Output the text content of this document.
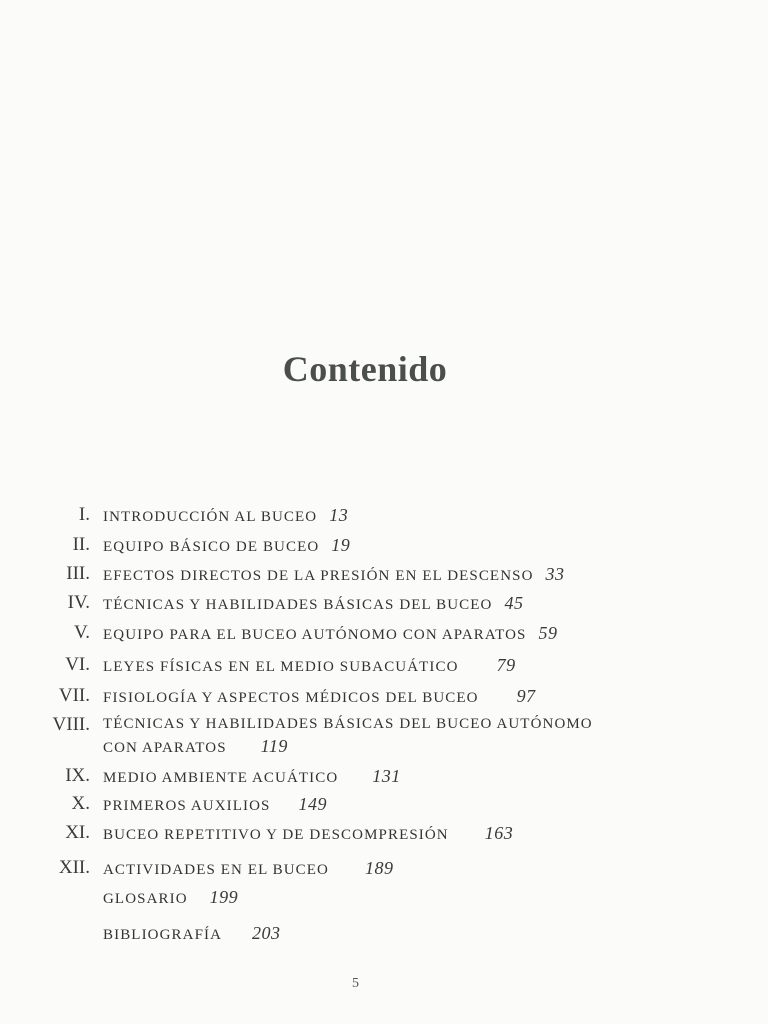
Contenido
I. INTRODUCCIÓN AL BUCEO 13
II. EQUIPO BÁSICO DE BUCEO 19
III. EFECTOS DIRECTOS DE LA PRESIÓN EN EL DESCENSO 33
IV. TÉCNICAS Y HABILIDADES BÁSICAS DEL BUCEO 45
V. EQUIPO PARA EL BUCEO AUTÓNOMO CON APARATOS 59
VI. LEYES FÍSICAS EN EL MEDIO SUBACUÁTICO 79
VII. FISIOLOGÍA Y ASPECTOS MÉDICOS DEL BUCEO 97
VIII. TÉCNICAS Y HABILIDADES BÁSICAS DEL BUCEO AUTÓNOMO
CON APARATOS 119
IX. MEDIO AMBIENTE ACUÁTICO 131
X. PRIMEROS AUXILIOS 149
XI. BUCEO REPETITIVO Y DE DESCOMPRESIÓN 163
XII. ACTIVIDADES EN EL BUCEO 189
GLOSARIO 199
BIBLIOGRAFÍA 203
5
